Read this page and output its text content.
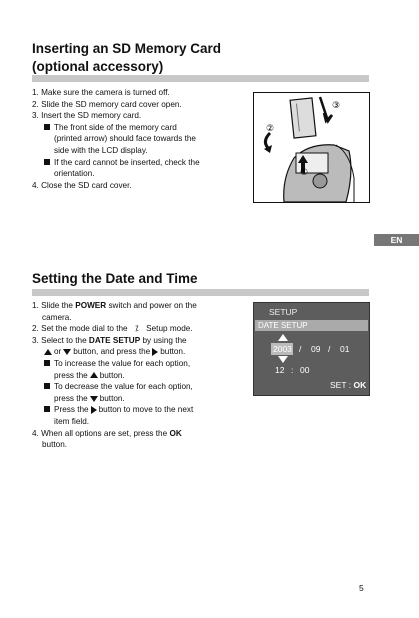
Inserting an SD Memory Card
(optional accessory)
1. Make sure the camera is turned off.
2. Slide the SD memory card cover open.
3. Insert the SD memory card.
The front side of the memory card
(printed arrow) should face towards the
side with the LCD display.
If the card cannot be inserted, check the
orientation.
4. Close the SD card cover.
③
②
①
EN
Setting the Date and Time
1. Slide the POWER switch and power on the
camera.
2. Set the mode dial to the ⁒ Setup mode.
3. Select to the DATE SETUP by using the
or button, and press the button.
To increase the value for each option,
press the button.
To decrease the value for each option,
press the button.
Press the button to move to the next
item field.
4. When all options are set, press the OK
button.
SETUP
DATE SETUP
2003 / 09 / 01
12 : 00
SET : OK
5
